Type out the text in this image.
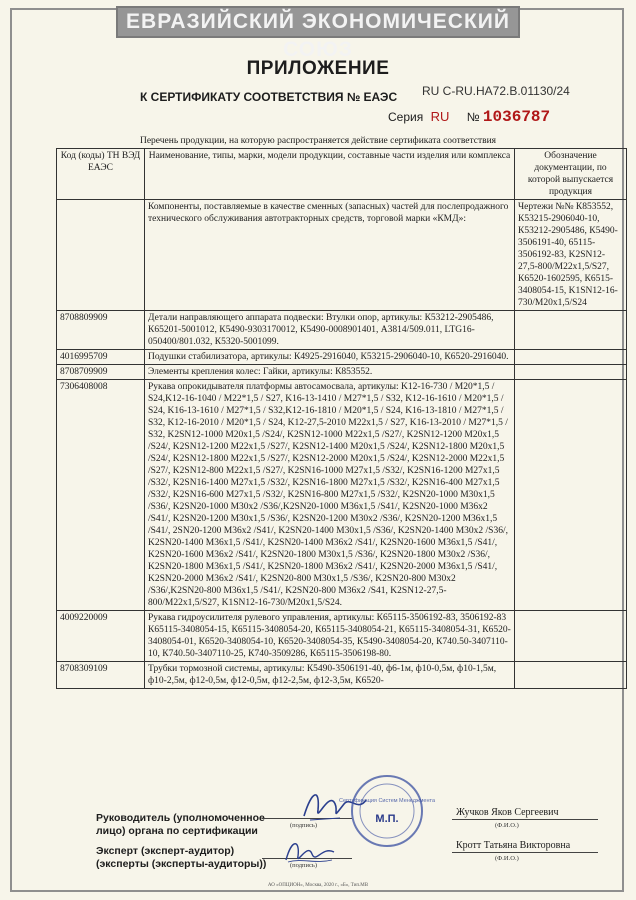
ЕВРАЗИЙСКИЙ ЭКОНОМИЧЕСКИЙ СОЮЗ
ПРИЛОЖЕНИЕ
К СЕРТИФИКАТУ СООТВЕТСТВИЯ № ЕАЭС RU C-RU.HA72.B.01130/24
Серия RU № 1036787
Перечень продукции, на которую распространяется действие сертификата соответствия
Код (коды) ТН ВЭД ЕАЭС	Наименование, типы, марки, модели продукции, составные части изделия или комплекса	Обозначение документации, по которой выпускается продукция
	Компоненты, поставляемые в качестве сменных (запасных) частей для послепродажного технического обслуживания автотракторных средств, торговой марки «КМД»:	Чертежи №№ К853552, К53215-2906040-10, К53212-2905486, К5490-3506191-40, 65115-3506192-83, K2SN12-27,5-800/M22x1,5/S27, К6520-1602595, К6515-3408054-15, K1SN12-16-730/M20x1,5/S24
8708809909	Детали направляющего аппарата подвески: Втулки опор, артикулы: К53212-2905486, К65201-5001012, К5490-9303170012, К5490-0008901401, А3814/509.011, LTG16-050400/801.032, К5320-5001099.	
4016995709	Подушки стабилизатора, артикулы: К4925-2916040, К53215-2906040-10, К6520-2916040.	
8708709909	Элементы крепления колес: Гайки, артикулы: К853552.	
7306408008	Рукава опрокидывателя платформы автосамосвала, артикулы: K12-16-730 / M20*1,5 / S24,K12-16-1040 / M22*1,5 / S27, K16-13-1410 / M27*1,5 / S32, K12-16-1610 / M20*1,5 / S24, K16-13-1610 / M27*1,5 / S32,K12-16-1810 / M20*1,5 / S24, K16-13-1810 / M27*1,5 / S32, K12-16-2010 / M20*1,5 / S24, K12-27,5-2010 M22x1,5 / S27, K16-13-2010 / M27*1,5 / S32, K2SN12-1000 M20x1,5 /S24/, K2SN12-1000 M22x1,5 /S27/, K2SN12-1200 M20x1,5 /S24/, K2SN12-1200 M22x1,5 /S27/, K2SN12-1400 M20x1,5 /S24/, K2SN12-1800 M20x1,5 /S24/, K2SN12-1800 M22x1,5 /S27/, K2SN12-2000 M20x1,5 /S24/, K2SN12-2000 M22x1,5 /S27/, K2SN12-800 M22x1,5 /S27/, K2SN16-1000 M27x1,5 /S32/, K2SN16-1200 M27x1,5 /S32/, K2SN16-1400 M27x1,5 /S32/, K2SN16-1800 M27x1,5 /S32/, K2SN16-400 M27x1,5 /S32/, K2SN16-600 M27x1,5 /S32/, K2SN16-800 M27x1,5 /S32/, K2SN20-1000 M30x1,5 /S36/, K2SN20-1000 M30x2 /S36/,K2SN20-1000 M36x1,5 /S41/, K2SN20-1000 M36x2 /S41/, K2SN20-1200 M30x1,5 /S36/, K2SN20-1200 M30x2 /S36/, K2SN20-1200 M36x1,5 /S41/, 2SN20-1200 M36x2 /S41/, K2SN20-1400 M30x1,5 /S36/, K2SN20-1400 M30x2 /S36/, K2SN20-1400 M36x1,5 /S41/, K2SN20-1400 M36x2 /S41/, K2SN20-1600 M36x1,5 /S41/, K2SN20-1600 M36x2 /S41/, K2SN20-1800 M30x1,5 /S36/, K2SN20-1800 M30x2 /S36/, K2SN20-1800 M36x1,5 /S41/, K2SN20-1800 M36x2 /S41/, K2SN20-2000 M36x1,5 /S41/, K2SN20-2000 M36x2 /S41/, K2SN20-800 M30x1,5 /S36/, K2SN20-800 M30x2 /S36/,K2SN20-800 M36x1,5 /S41/, K2SN20-800 M36x2 /S41, K2SN12-27,5-800/M22x1,5/S27, K1SN12-16-730/M20x1,5/S24.	
4009220009	Рукава гидроусилителя рулевого управления, артикулы: К65115-3506192-83, 3506192-83 К65115-3408054-15, К65115-3408054-20, К65115-3408054-21, К65115-3408054-31, К6520-3408054-01, К6520-3408054-10, К6520-3408054-35, К5490-3408054-20, К740.50-3407110-10, К740.50-3407110-25, К740-3509286, К65115-3506198-80.	
8708309109	Трубки тормозной системы, артикулы: К5490-3506191-40, ф6-1м, ф10-0,5м, ф10-1,5м, ф10-2,5м, ф12-0,5м, ф12-0,5м, ф12-2,5м, ф12-3,5м, К6520-	
Руководитель (уполномоченное
лицо) органа по сертификации	(подпись)
Жучков Яков Сергеевич
(Ф.И.О.)
Эксперт (эксперт-аудитор)
(эксперты (эксперты-аудиторы))	(подпись)
Кротт Татьяна Викторовна
(Ф.И.О.)
Сертификация Систем Менеджмента
М.П.
АО «ОПЦИОН», Москва, 2020 г., «Б», Тип.МВ
